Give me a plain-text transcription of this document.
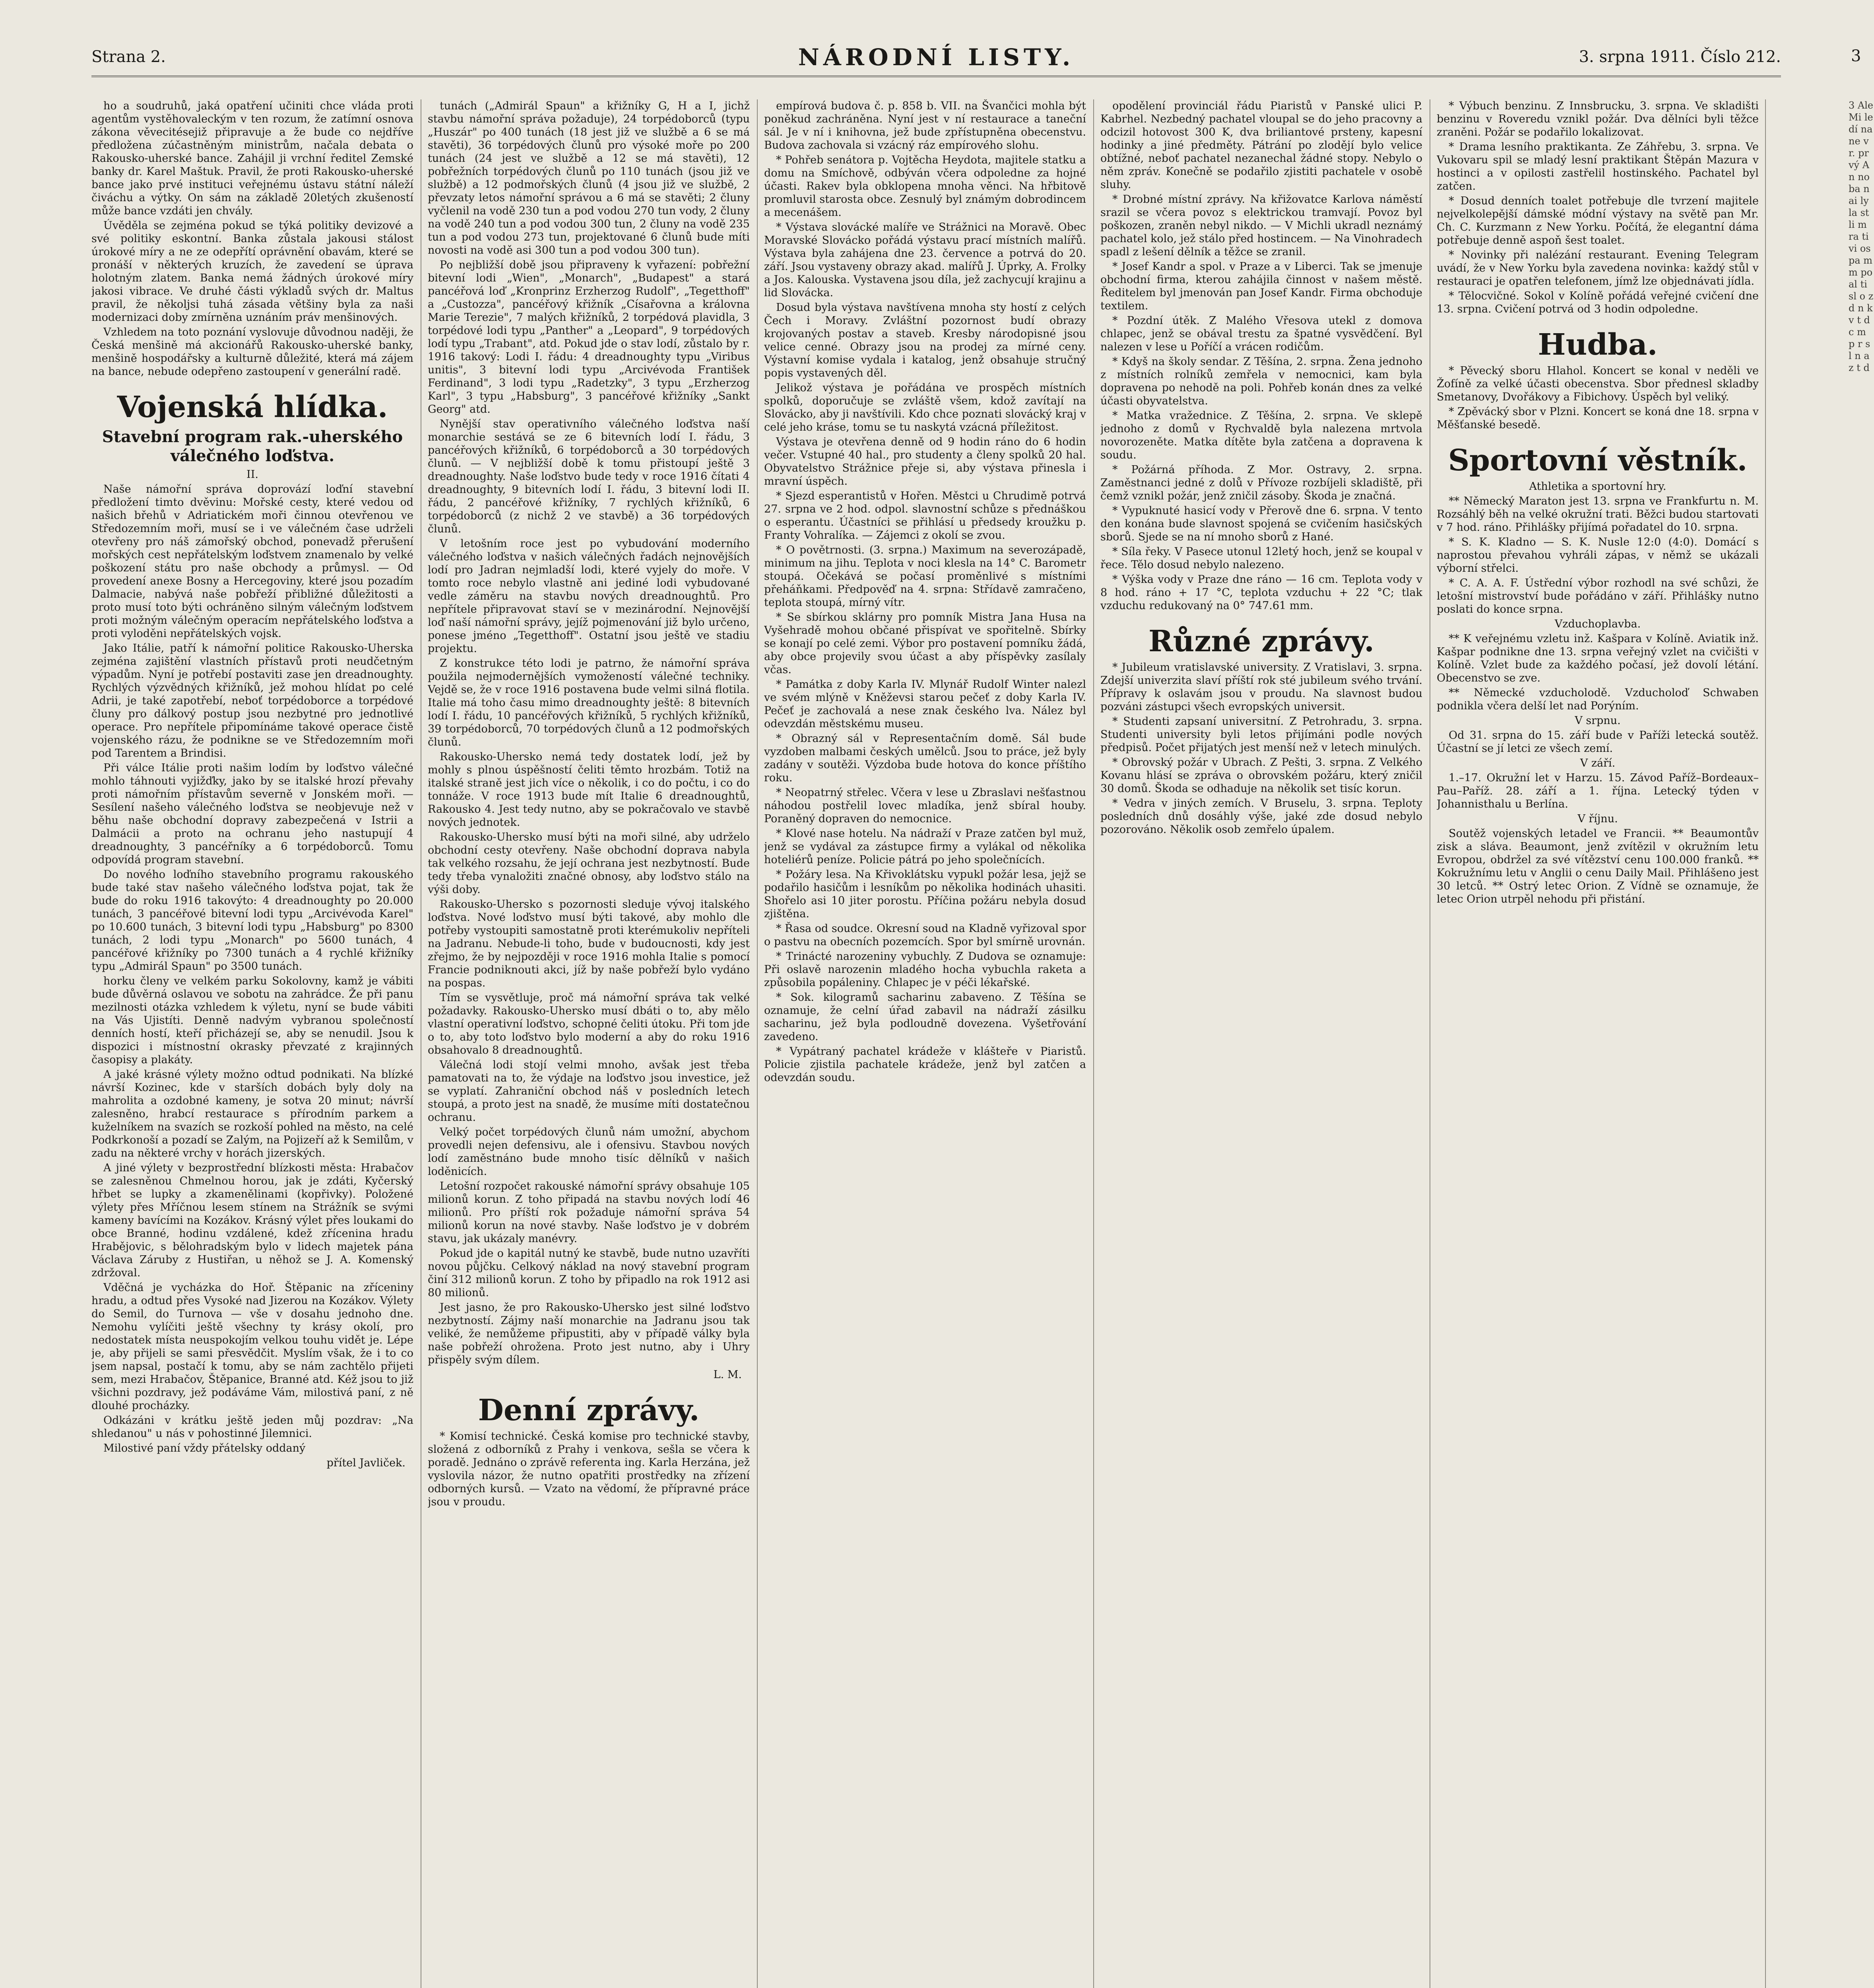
Strana 2.	NÁRODNÍ LISTY.	3. srpna 1911. Číslo 212.	3

ho a soudruhů, jaká opatření učiniti chce vláda proti agentům vystěhovaleckým v ten rozum, že zatímní osnova zákona věvecitésejiž připravuje a že bude co nejdříve předložena zúčastněným ministrům, načala debata o Rakousko-uherské bance. Zahájil ji vrchní ředitel Zemské banky dr. Karel Maštuk. Pravil, že proti Rakousko-uherské bance jako prvé instituci veřejnému ústavu státní náleží čiváchu a výtky. On sám na základě 20letých zkušeností může bance vzdáti jen chvály.

Úvěděla se zejména pokud se týká politiky devizové a své politiky eskontní. Banka zůstala jakousi stálost úrokové míry a ne ze odepřítí oprávnění obavám, které se pronáší v některých kruzích, že zavedení se úprava holotným zlatem. Banka nemá žádných úrokové míry jakosi vibrace. Ve druhé části výkladů svých dr. Maltus pravil, že několjsi tuhá zásada většiny byla za naši modernizaci doby zmírněna uznáním práv menšinových.

Vzhledem na toto poznání vyslovuje důvodnou naději, že Česká menšině má akcionářů Rakousko-uherské banky, menšině hospodářsky a kulturně důležité, která má zájem na bance, nebude odepřeno zastoupení v generální radě.

Vojenská hlídka.
Stavební program rak.-uherského válečného loďstva.
II.

Naše námořní správa doprovází loďní stavební předložení timto dvěvinu: Mořské cesty, které vedou od našich břehů v Adriatickém moři činnou otevřenou ve Středozemním moři, musí se i ve válečném čase udrželi otevřeny pro náš zámořský obchod, ponevadž přerušení mořských cest nepřátelským loďstvem znamenalo by velké poškození státu pro naše obchody a průmysl. — Od provedení anexe Bosny a Hercegoviny, které jsou pozadím Dalmacie, nabývá naše pobřeží přibližné důležitosti a proto musí toto býti ochráněno silným válečným loďstvem proti možným válečným operacím nepřátelského loďstva a proti vyloděni nepřátelských vojsk.

Jako Itálie, patří k námořní politice Rakousko-Uherska zejména zajištění vlastních přístavů proti neudčetným výpadům. Nyní je potřebí postaviti zase jen dreadnoughty. Rychlých výzvědných křižníků, jež mohou hlídat po celé Adrii, je také zapotřebí, neboť torpédoborce a torpédové čluny pro dálkový postup jsou nezbytné pro jednotlivé operace. Pro nepřítele připomínáme takové operace čistě vojenského rázu, že podnikne se ve Středozemním moři pod Tarentem a Brindisi.

Při válce Itálie proti našim lodím by loďstvo válečné mohlo táhnouti vyjižďky, jako by se italské hrozí převahy proti námořním přístavům severně v Jonském moři. — Sesílení našeho válečného loďstva se neobjevuje než v běhu naše obchodní dopravy zabezpečená v Istrii a Dalmácii a proto na ochranu jeho nastupují 4 dreadnoughty, 3 pancéřníky a 6 torpédoborců. Tomu odpovídá program stavební.

Do nového loďního stavebního programu rakouského bude také stav našeho válečného loďstva pojat, tak že bude do roku 1916 takovýto: 4 dreadnoughty po 20.000 tunách, 3 pancéřové bitevní lodi typu „Arcivévoda Karel" po 10.600 tunách, 3 bitevní lodi typu „Habsburg" po 8300 tunách, 2 lodi typu „Monarch" po 5600 tunách, 4 pancéřové křižníky po 7300 tunách a 4 rychlé křižníky typu „Admirál Spaun" po 3500 tunách.

horku členy ve velkém parku Sokolovny, kamž je vábiti bude důvěrná oslavou ve sobotu na zahrádce. Že při panu mezilnosti otázka vzhledem k výletu, nyní se bude vábiti na Vás Ujistíti. Denně nadvým vybranou společností denních hostí, kteří přicházejí se, aby se nenudil. Jsou k dispozici i místnostní okrasky převzaté z krajinných časopisy a plakáty.

A jaké krásné výlety možno odtud podnikati. Na blízké návrší Kozinec, kde v starších dobách byly doly na mahrolita a ozdobné kameny, je sotva 20 minut; návrší zalesněno, hrabcí restaurace s přírodním parkem a kuželníkem na svazích se rozkoší pohled na město, na celé Podkrkonoší a pozadí se Zalým, na Pojizeří až k Semilům, v zadu na některé vrchy v horách jizerských.

A jiné výlety v bezprostřední blízkosti města: Hrabačov se zalesněnou Chmelnou horou, jak je zdáti, Kyčerský hřbet se lupky a zkamenělinami (kopřivky). Položené výlety přes Mříčnou lesem stínem na Strážník se svými kameny bavícími na Kozákov. Krásný výlet přes loukami do obce Branné, hodinu vzdálené, kdež zřícenina hradu Hrabějovic, s bělohradským bylo v lidech majetek pána Václava Záruby z Hustiřan, u něhož se J. A. Komenský zdržoval.

Vděčná je vycházka do Hoř. Štěpanic na zříceniny hradu, a odtud přes Vysoké nad Jizerou na Kozákov. Výlety do Semil, do Turnova — vše v dosahu jednoho dne. Nemohu vylíčiti ještě všechny ty krásy okolí, pro nedostatek místa neuspokojím velkou touhu vidět je. Lépe je, aby přijeli se sami přesvědčit. Myslím však, že i to co jsem napsal, postačí k tomu, aby se nám zachtělo přijeti sem, mezi Hrabačov, Štěpanice, Branné atd. Kéž jsou to již všichni pozdravy, jež podáváme Vám, milostivá paní, z ně dlouhé procházky.

Odkázáni v krátku ještě jeden můj pozdrav: „Na shledanou" u nás v pohostinné Jilemnici.

Milostivé paní vždy přátelsky oddaný

přítel Javliček.

tunách („Admirál Spaun" a křižníky G, H a I, jichž stavbu námořní správa požaduje), 24 torpédoborců (typu „Huszár" po 400 tunách (18 jest již ve službě a 6 se má stavěti), 36 torpédových člunů pro výsoké moře po 200 tunách (24 jest ve službě a 12 se má stavěti), 12 pobřežních torpédových člunů po 110 tunách (jsou již ve službě) a 12 podmořských člunů (4 jsou již ve službě, 2 převzaty letos námořní správou a 6 má se stavěti; 2 čluny vyčlenil na vodě 230 tun a pod vodou 270 tun vody, 2 čluny na vodě 240 tun a pod vodou 300 tun, 2 čluny na vodě 235 tun a pod vodou 273 tun, projektované 6 člunů bude míti novosti na vodě asi 300 tun a pod vodou 300 tun).

Po nejbližší době jsou připraveny k vyřazení: pobřežní bitevní lodi „Wien", „Monarch", „Budapest" a stará pancéřová loď „Kronprinz Erzherzog Rudolf", „Tegetthoff" a „Custozza", pancéřový křižník „Císařovna a královna Marie Terezie", 7 malých křižníků, 2 torpédová plavidla, 3 torpédové lodi typu „Panther" a „Leopard", 9 torpédových lodí typu „Trabant", atd. Pokud jde o stav lodí, zůstalo by r. 1916 takový: Lodi I. řádu: 4 dreadnoughty typu „Viribus unitis", 3 bitevní lodi typu „Arcivévoda František Ferdinand", 3 lodi typu „Radetzky", 3 typu „Erzherzog Karl", 3 typu „Habsburg", 3 pancéřové křižníky „Sankt Georg" atd.

Nynější stav operativního válečného loďstva naší monarchie sestává se ze 6 bitevních lodí I. řádu, 3 pancéřových křižníků, 6 torpédoborců a 30 torpédových člunů. — V nejbližší době k tomu přistoupí ještě 3 dreadnoughty. Naše loďstvo bude tedy v roce 1916 čítati 4 dreadnoughty, 9 bitevních lodí I. řádu, 3 bitevní lodi II. řádu, 2 pancéřové křižníky, 7 rychlých křižníků, 6 torpédoborců (z nichž 2 ve stavbě) a 36 torpédových člunů.

V letošním roce jest po vybudování moderního válečného loďstva v našich válečných řadách nejnovějších lodí pro Jadran nejmladší lodi, které vyjely do moře. V tomto roce nebylo vlastně ani jediné lodi vybudované vedle záměru na stavbu nových dreadnoughtů. Pro nepřítele připravovat staví se v mezinárodní. Nejnovější loď naší námořní správy, jejíž pojmenování již bylo určeno, ponese jméno „Tegetthoff". Ostatní jsou ještě ve stadiu projektu.

Z konstrukce této lodi je patrno, že námořní správa použila nejmodernějších vymožeností válečné techniky. Vejdě se, že v roce 1916 postavena bude velmi silná flotila. Italie má toho času mimo dreadnoughty ještě: 8 bitevních lodí I. řádu, 10 pancéřových křižníků, 5 rychlých křižníků, 39 torpédoborců, 70 torpédových člunů a 12 podmořských člunů.

Rakousko-Uhersko nemá tedy dostatek lodí, jež by mohly s plnou úspěšností čeliti těmto hrozbám. Totiž na italské straně jest jich více o několik, i co do počtu, i co do tonnáže. V roce 1913 bude mít Italie 6 dreadnoughtů, Rakousko 4. Jest tedy nutno, aby se pokračovalo ve stavbě nových jednotek.

Rakousko-Uhersko musí býti na moři silné, aby udrželo obchodní cesty otevřeny. Naše obchodní doprava nabyla tak velkého rozsahu, že její ochrana jest nezbytností. Bude tedy třeba vynaložiti značné obnosy, aby loďstvo stálo na výši doby.

Rakousko-Uhersko s pozornosti sleduje vývoj italského loďstva. Nové loďstvo musí býti takové, aby mohlo dle potřeby vystoupiti samostatně proti kterémukoliv nepříteli na Jadranu. Nebude-li toho, bude v budoucnosti, kdy jest zřejmo, že by nejpozději v roce 1916 mohla Italie s pomocí Francie podniknouti akci, jíž by naše pobřeží bylo vydáno na pospas.

Tím se vysvětluje, proč má námořní správa tak velké požadavky. Rakousko-Uhersko musí dbáti o to, aby mělo vlastní operativní loďstvo, schopné čeliti útoku. Při tom jde o to, aby toto loďstvo bylo moderní a aby do roku 1916 obsahovalo 8 dreadnoughtů.

Válečná lodi stojí velmi mnoho, avšak jest třeba pamatovati na to, že výdaje na loďstvo jsou investice, jež se vyplatí. Zahraniční obchod náš v posledních letech stoupá, a proto jest na snadě, že musíme míti dostatečnou ochranu.

Velký počet torpédových člunů nám umožní, abychom provedli nejen defensivu, ale i ofensivu. Stavbou nových lodí zaměstnáno bude mnoho tisíc dělníků v našich loděnicích.

Letošní rozpočet rakouské námořní správy obsahuje 105 milionů korun. Z toho připadá na stavbu nových lodí 46 milionů. Pro příští rok požaduje námořní správa 54 milionů korun na nové stavby. Naše loďstvo je v dobrém stavu, jak ukázaly manévry.

Pokud jde o kapitál nutný ke stavbě, bude nutno uzavříti novou půjčku. Celkový náklad na nový stavební program činí 312 milionů korun. Z toho by připadlo na rok 1912 asi 80 milionů.

Jest jasno, že pro Rakousko-Uhersko jest silné loďstvo nezbytností. Zájmy naší monarchie na Jadranu jsou tak veliké, že nemůžeme připustiti, aby v případě války byla naše pobřeží ohrožena. Proto jest nutno, aby i Uhry přispěly svým dílem.

L. M.
Denní zprávy.

* Komisí technické. Česká komise pro technické stavby, složená z odborníků z Prahy i venkova, sešla se včera k poradě. Jednáno o zprávě referenta ing. Karla Herzána, jež vyslovila názor, že nutno opatřiti prostředky na zřízení odborných kursů. — Vzato na vědomí, že přípravné práce jsou v proudu.

empírová budova č. p. 858 b. VII. na Švančici mohla být poněkud zachráněna. Nyní jest v ní restaurace a taneční sál. Je v ní i knihovna, jež bude zpřístupněna obecenstvu. Budova zachovala si vzácný ráz empírového slohu.

* Pohřeb senátora p. Vojtěcha Heydota, majitele statku a domu na Smíchově, odbýván včera odpoledne za hojné účasti. Rakev byla obklopena mnoha věnci. Na hřbitově promluvil starosta obce. Zesnulý byl známým dobrodincem a mecenášem.

* Výstava slovácké malíře ve Strážnici na Moravě. Obec Moravské Slovácko pořádá výstavu prací místních malířů. Výstava byla zahájena dne 23. července a potrvá do 20. září. Jsou vystaveny obrazy akad. malířů J. Úprky, A. Frolky a Jos. Kalouska. Vystavena jsou díla, jež zachycují krajinu a lid Slovácka.

Dosud byla výstava navštívena mnoha sty hostí z celých Čech i Moravy. Zvláštní pozornost budí obrazy krojovaných postav a staveb. Kresby národopisné jsou velice cenné. Obrazy jsou na prodej za mírné ceny. Výstavní komise vydala i katalog, jenž obsahuje stručný popis vystavených děl.

Jelikož výstava je pořádána ve prospěch místních spolků, doporučuje se zvláště všem, kdož zavítají na Slovácko, aby ji navštívili. Kdo chce poznati slovácký kraj v celé jeho kráse, tomu se tu naskytá vzácná příležitost.

Výstava je otevřena denně od 9 hodin ráno do 6 hodin večer. Vstupné 40 hal., pro studenty a členy spolků 20 hal. Obyvatelstvo Strážnice přeje si, aby výstava přinesla i mravní úspěch.

* Sjezd esperantistů v Hořen. Městci u Chrudimě potrvá 27. srpna ve 2 hod. odpol. slavnostní schůze s přednáškou o esperantu. Účastníci se přihlásí u předsedy kroužku p. Franty Vohralíka. — Zájemci z okolí se zvou.

* O povětrnosti. (3. srpna.) Maximum na severozápadě, minimum na jihu. Teplota v noci klesla na 14° C. Barometr stoupá. Očekává se počasí proměnlivé s místními přeháňkami. Předpověď na 4. srpna: Střídavě zamračeno, teplota stoupá, mírný vítr.

* Se sbírkou sklárny pro pomník Mistra Jana Husa na Vyšehradě mohou občané přispívat ve spořitelně. Sbírky se konají po celé zemi. Výbor pro postavení pomníku žádá, aby obce projevily svou účast a aby příspěvky zasílaly včas.

* Památka z doby Karla IV. Mlynář Rudolf Winter nalezl ve svém mlýně v Kněževsi starou pečeť z doby Karla IV. Pečeť je zachovalá a nese znak českého lva. Nález byl odevzdán městskému museu.

* Obrazný sál v Representačním domě. Sál bude vyzdoben malbami českých umělců. Jsou to práce, jež byly zadány v soutěži. Výzdoba bude hotova do konce příštího roku.

* Neopatrný střelec. Včera v lese u Zbraslavi nešťastnou náhodou postřelil lovec mladíka, jenž sbíral houby. Poraněný dopraven do nemocnice.

* Klové nase hotelu. Na nádraží v Praze zatčen byl muž, jenž se vydával za zástupce firmy a vylákal od několika hoteliérů peníze. Policie pátrá po jeho společnících.

* Požáry lesa. Na Křivoklátsku vypukl požár lesa, jejž se podařilo hasičům i lesníkům po několika hodinách uhasiti. Shořelo asi 10 jiter porostu. Příčina požáru nebyla dosud zjištěna.

* Řasa od soudce. Okresní soud na Kladně vyřizoval spor o pastvu na obecních pozemcích. Spor byl smírně urovnán.

* Trinácté narozeniny vybuchly. Z Dudova se oznamuje: Při oslavě narozenin mladého hocha vybuchla raketa a způsobila popáleniny. Chlapec je v péči lékařské.

* Sok. kilogramů sacharinu zabaveno. Z Těšína se oznamuje, že celní úřad zabavil na nádraží zásilku sacharinu, jež byla podloudně dovezena. Vyšetřování zavedeno.

* Vypátraný pachatel krádeže v klášteře v Piaristů. Policie zjistila pachatele krádeže, jenž byl zatčen a odevzdán soudu.

opodělení provinciál řádu Piaristů v Panské ulici P. Kabrhel. Nezbedný pachatel vloupal se do jeho pracovny a odcizil hotovost 300 K, dva briliantové prsteny, kapesní hodinky a jiné předměty. Pátrání po zlodějí bylo velice obtížné, neboť pachatel nezanechal žádné stopy. Nebylo o něm zpráv. Konečně se podařilo zjistiti pachatele v osobě sluhy.

* Drobné místní zprávy. Na křižovatce Karlova náměstí srazil se včera povoz s elektrickou tramvají. Povoz byl poškozen, zraněn nebyl nikdo. — V Michli ukradl neznámý pachatel kolo, jež stálo před hostincem. — Na Vinohradech spadl z lešení dělník a těžce se zranil.

* Josef Kandr a spol. v Praze a v Liberci. Tak se jmenuje obchodní firma, kterou zahájila činnost v našem městě. Ředitelem byl jmenován pan Josef Kandr. Firma obchoduje textilem.

* Pozdní útěk. Z Malého Vřesova utekl z domova chlapec, jenž se obával trestu za špatné vysvědčení. Byl nalezen v lese u Poříčí a vrácen rodičům.

* Kdyš na školy sendar. Z Těšína, 2. srpna. Žena jednoho z místních rolníků zemřela v nemocnici, kam byla dopravena po nehodě na poli. Pohřeb konán dnes za velké účasti obyvatelstva.

* Matka vražednice. Z Těšína, 2. srpna. Ve sklepě jednoho z domů v Rychvaldě byla nalezena mrtvola novorozeněte. Matka dítěte byla zatčena a dopravena k soudu.

* Požárná příhoda. Z Mor. Ostravy, 2. srpna. Zaměstnanci jedné z dolů v Přívoze rozbíjeli skladiště, při čemž vznikl požár, jenž zničil zásoby. Škoda je značná.

* Vypuknuté hasicí vody v Přerově dne 6. srpna. V tento den konána bude slavnost spojená se cvičením hasičských sborů. Sjede se na ní mnoho sborů z Hané.

* Síla řeky. V Pasece utonul 12letý hoch, jenž se koupal v řece. Tělo dosud nebylo nalezeno.

* Výška vody v Praze dne ráno — 16 cm. Teplota vody v 8 hod. ráno + 17 °C, teplota vzduchu + 22 °C; tlak vzduchu redukovaný na 0° 747.61 mm.

Různé zprávy.

* Jubileum vratislavské university. Z Vratislavi, 3. srpna. Zdejší univerzita slaví příští rok sté jubileum svého trvání. Přípravy k oslavám jsou v proudu. Na slavnost budou pozváni zástupci všech evropských universit.

* Studenti zapsaní universitní. Z Petrohradu, 3. srpna. Studenti university byli letos přijímáni podle nových předpisů. Počet přijatých jest menší než v letech minulých.

* Obrovský požár v Ubrach. Z Pešti, 3. srpna. Z Velkého Kovanu hlásí se zpráva o obrovském požáru, který zničil 30 domů. Škoda se odhaduje na několik set tisíc korun.

* Vedra v jiných zemích. V Bruselu, 3. srpna. Teploty posledních dnů dosáhly výše, jaké zde dosud nebylo pozorováno. Několik osob zemřelo úpalem.

* Výbuch benzinu. Z Innsbrucku, 3. srpna. Ve skladišti benzinu v Roveredu vznikl požár. Dva dělníci byli těžce zraněni. Požár se podařilo lokalizovat.

* Drama lesního praktikanta. Ze Záhřebu, 3. srpna. Ve Vukovaru spil se mladý lesní praktikant Štěpán Mazura v hostinci a v opilosti zastřelil hostinského. Pachatel byl zatčen.

* Dosud denních toalet potřebuje dle tvrzení majitele nejvelkolepější dámské módní výstavy na světě pan Mr. Ch. C. Kurzmann z New Yorku. Počítá, že elegantní dáma potřebuje denně aspoň šest toalet.

* Novinky při nalézání restaurant. Evening Telegram uvádí, že v New Yorku byla zavedena novinka: každý stůl v restauraci je opatřen telefonem, jímž lze objednávati jídla.

* Tělocvičné. Sokol v Kolíně pořádá veřejné cvičení dne 13. srpna. Cvičení potrvá od 3 hodin odpoledne.

Hudba.

* Pěvecký sboru Hlahol. Koncert se konal v neděli ve Žofíně za velké účasti obecenstva. Sbor přednesl skladby Smetanovy, Dvořákovy a Fibichovy. Úspěch byl veliký.

* Zpěvácký sbor v Plzni. Koncert se koná dne 18. srpna v Měšťanské besedě.

Sportovní věstník.
Athletika a sportovní hry.

** Německý Maraton jest 13. srpna ve Frankfurtu n. M. Rozsáhlý běh na velké okružní trati. Běžci budou startovati v 7 hod. ráno. Přihlášky přijímá pořadatel do 10. srpna.

* S. K. Kladno — S. K. Nusle 12:0 (4:0). Domácí s naprostou převahou vyhráli zápas, v němž se ukázali výborní střelci.

* C. A. A. F. Ústřední výbor rozhodl na své schůzi, že letošní mistrovství bude pořádáno v září. Přihlášky nutno poslati do konce srpna.

Vzduchoplavba.

** K veřejnému vzletu inž. Kašpara v Kolíně. Aviatik inž. Kašpar podnikne dne 13. srpna veřejný vzlet na cvičišti v Kolíně. Vzlet bude za každého počasí, jež dovolí létání. Obecenstvo se zve.

** Německé vzducholodě. Vzducholoď Schwaben podnikla včera delší let nad Porýním.

V srpnu.

Od 31. srpna do 15. září bude v Paříži letecká soutěž. Účastní se jí letci ze všech zemí.

V září.

1.–17. Okružní let v Harzu. 15. Závod Paříž–Bordeaux–Pau–Paříž. 28. září a 1. října. Letecký týden v Johannisthalu u Berlína.

V říjnu.

Soutěž vojenských letadel ve Francii. ** Beaumontův zisk a sláva. Beaumont, jenž zvítězil v okružním letu Evropou, obdržel za své vítězství cenu 100.000 franků. ** Kokružnímu letu v Anglii o cenu Daily Mail. Přihlášeno jest 30 letců. ** Ostrý letec Orion. Z Vídně se oznamuje, že letec Orion utrpěl nehodu při přistání.

3 Ale Mi le dí na ne v r. pr vý An no ba nai ly la st li m ra ti vi os pa m m po al ti sl o z d n k v t d c m p r s l n a z t d
